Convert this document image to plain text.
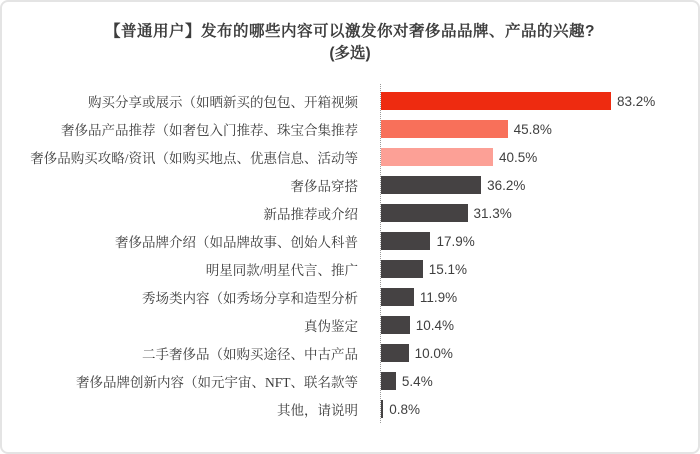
【普通用户】发布的哪些内容可以激发你对奢侈品品牌、产品的兴趣?
(多选)
购买分享或展示（如晒新买的包包、开箱视频	83.2%
奢侈品产品推荐（如奢包入门推荐、珠宝合集推荐	45.8%
奢侈品购买攻略/资讯（如购买地点、优惠信息、活动等	40.5%
奢侈品穿搭	36.2%
新品推荐或介绍	31.3%
奢侈品牌介绍（如品牌故事、创始人科普	17.9%
明星同款/明星代言、推广	15.1%
秀场类内容（如秀场分享和造型分析	11.9%
真伪鉴定	10.4%
二手奢侈品（如购买途径、中古产品	10.0%
奢侈品牌创新内容（如元宇宙、NFT、联名款等	5.4%
其他，请说明	0.8%
